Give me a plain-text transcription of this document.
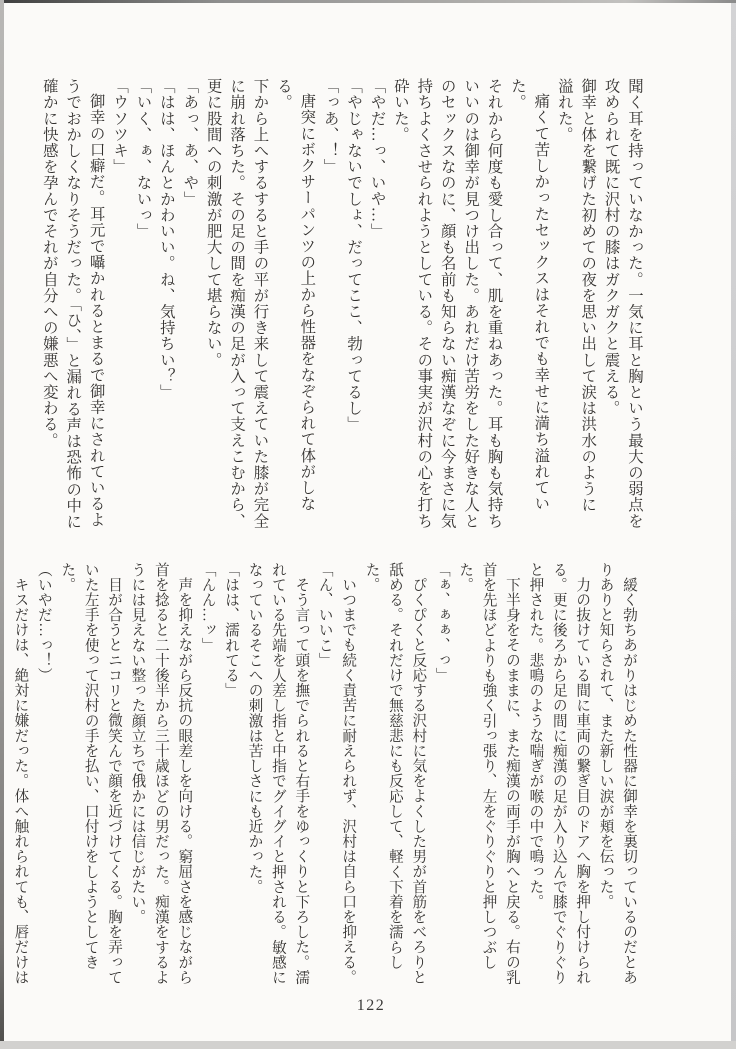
聞く耳を持っていなかった。一気に耳と胸という最大の弱点を
攻められて既に沢村の膝はガクガクと震える。
御幸と体を繋げた初めての夜を思い出して涙は洪水のように
溢れた。
痛くて苦しかったセックスはそれでも幸せに満ち溢れていた。
それから何度も愛し合って、肌を重ねあった。耳も胸も気持ち
いいのは御幸が見つけ出した。あれだけ苦労をした好きな人と
のセックスなのに、顔も名前も知らない痴漢なぞに今まさに気
持ちよくさせられようとしている。その事実が沢村の心を打ち
砕いた。
「やだ…っ、いや…」
「やじゃないでしょ、だってここ、勃ってるし」
「っあ、！」
唐突にボクサーパンツの上から性器をなぞられて体がしなる。
下から上へするすると手の平が行き来して震えていた膝が完全
に崩れ落ちた。その足の間を痴漢の足が入って支えこむから、
更に股間への刺激が肥大して堪らない。
「あっ、あ、や」
「はは、ほんとかわいい。ね、気持ちい？」
「いく、ぁ、ないっ」
「ウソツキ」
御幸の口癖だ。耳元で囁かれるとまるで御幸にされているよ
うでおかしくなりそうだった。「ひ、」と漏れる声は恐怖の中に
確かに快感を孕んでそれが自分への嫌悪へ変わる。
緩く勃ちあがりはじめた性器に御幸を裏切っているのだとあ
りありと知らされて、また新しい涙が頬を伝った。
力の抜けている間に車両の繋ぎ目のドアへ胸を押し付けられ
る。更に後ろから足の間に痴漢の足が入り込んで膝でぐりぐり
と押された。悲鳴のような喘ぎが喉の中で鳴った。
下半身をそのままに、また痴漢の両手が胸へと戻る。右の乳
首を先ほどよりも強く引っ張り、左をぐりぐりと押しつぶした。
「ぁ、ぁぁ、っ」
ぴくぴくと反応する沢村に気をよくした男が首筋をべろりと
舐める。それだけで無慈悲にも反応して、軽く下着を濡らした。
いつまでも続く責苦に耐えられず、沢村は自ら口を抑える。
「ん、いいこ」
そう言って頭を撫でられると右手をゆっくりと下ろした。濡
れている先端を人差し指と中指でグイグイと押される。敏感に
なっているそこへの刺激は苦しさにも近かった。
「はは、濡れてる」
「んん…ッ」
声を抑えながら反抗の眼差しを向ける。窮屈さを感じながら
首を捻ると二十後半から三十歳ほどの男だった。痴漢をするよ
うには見えない整った顔立ちで俄かには信じがたい。
目が合うとニコリと微笑んで顔を近づけてくる。胸を弄って
いた左手を使って沢村の手を払い、口付けをしようとしてきた。
（いやだ…っ！）
キスだけは、絶対に嫌だった。体へ触れられても、唇だけは
122
